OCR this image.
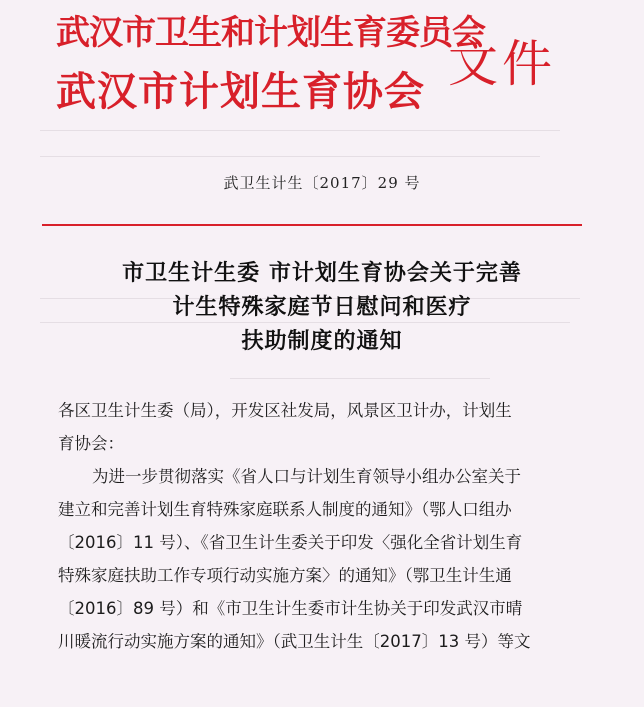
武汉市卫生和计划生育委员会
武汉市计划生育协会 文件
武卫生计生〔2017〕29 号
市卫生计生委 市计划生育协会关于完善
计生特殊家庭节日慰问和医疗
扶助制度的通知
各区卫生计生委（局），开发区社发局，风景区卫计办，计划生
育协会：
为进一步贯彻落实《省人口与计划生育领导小组办公室关于
建立和完善计划生育特殊家庭联系人制度的通知》（鄂人口组办
〔2016〕11 号）、《省卫生计生委关于印发〈强化全省计划生育
特殊家庭扶助工作专项行动实施方案〉的通知》（鄂卫生计生通
〔2016〕89 号）和《市卫生计生委市计生协关于印发武汉市晴
川暖流行动实施方案的通知》（武卫生计生〔2017〕13 号）等文
